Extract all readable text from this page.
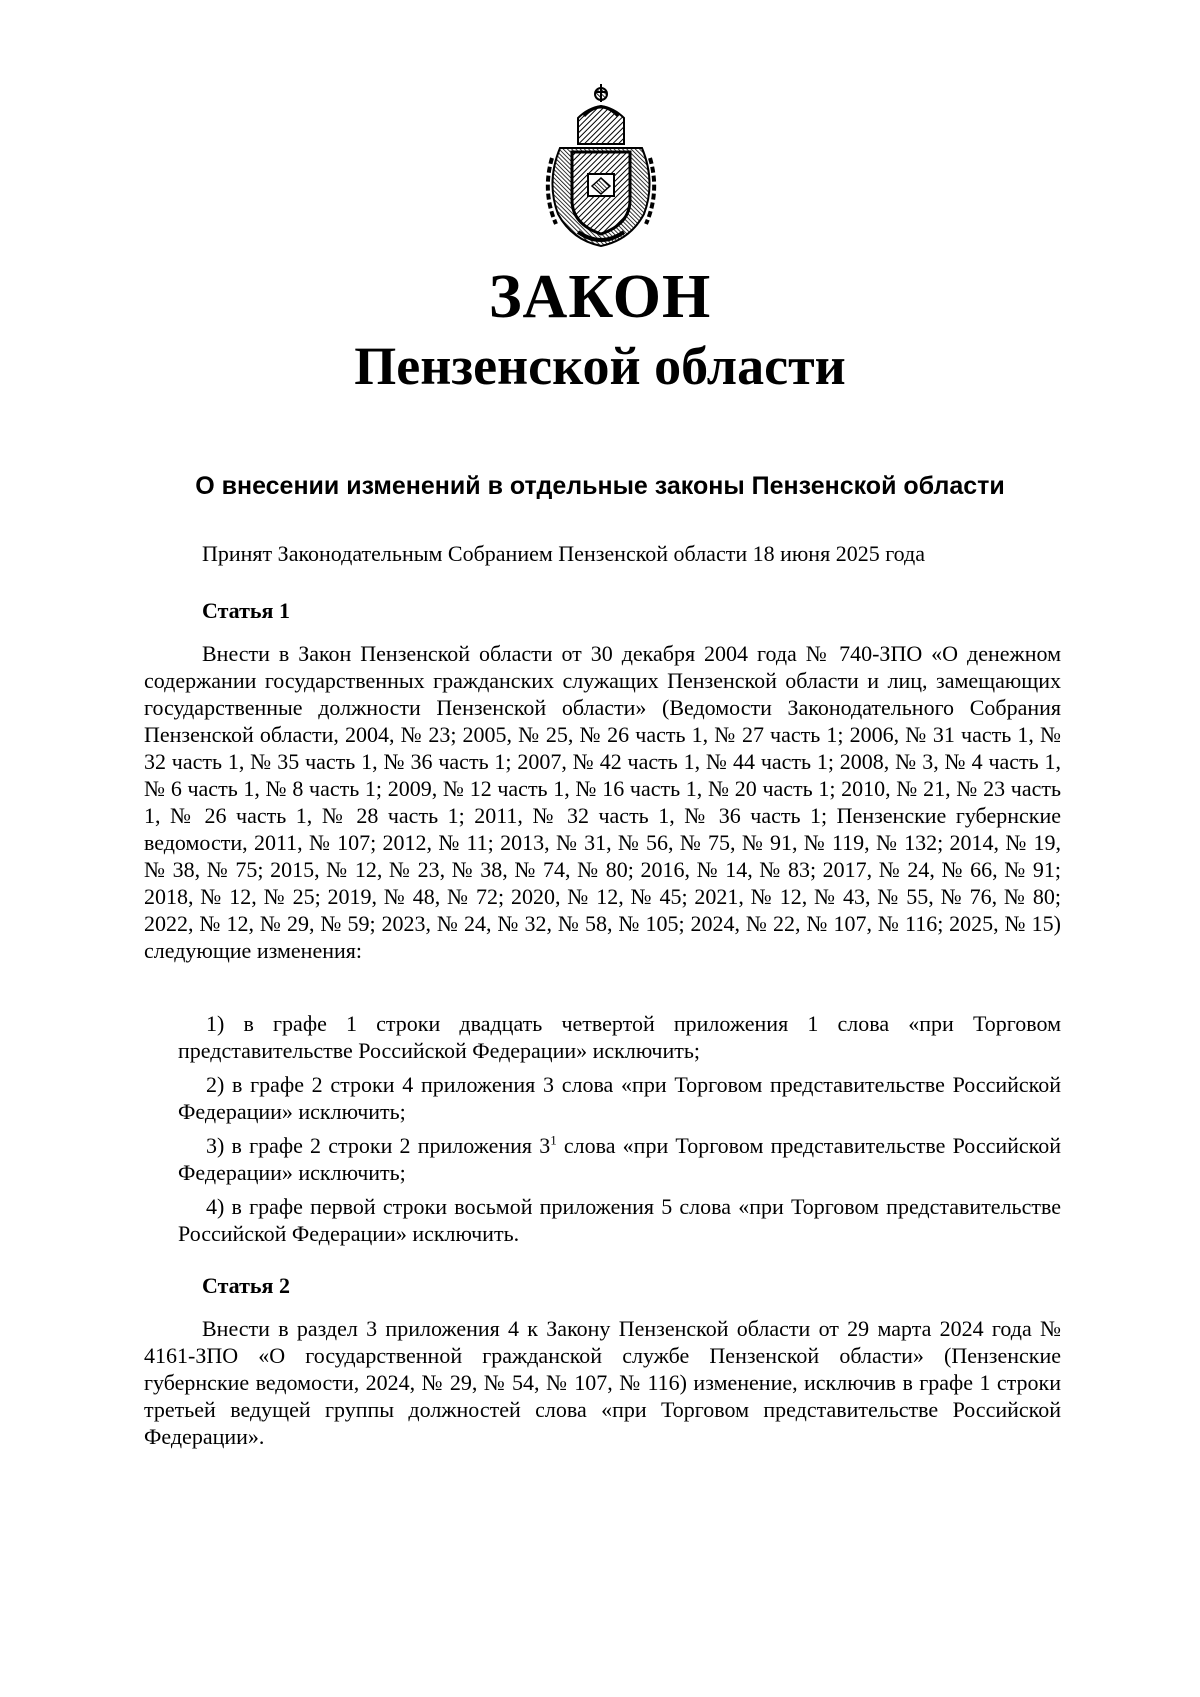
ЗАКОН
Пензенской области
О внесении изменений в отдельные законы Пензенской области
Принят Законодательным Собранием Пензенской области 18 июня 2025 года
Статья 1

Внести в Закон Пензенской области от 30 декабря 2004 года № 740-ЗПО «О денежном содержании государственных гражданских служащих Пензенской области и лиц, замещающих государственные должности Пензенской области» (Ведомости Законодательного Собрания Пензенской области, 2004, № 23; 2005, № 25, № 26 часть 1, № 27 часть 1; 2006, № 31 часть 1, № 32 часть 1, № 35 часть 1, № 36 часть 1; 2007, № 42 часть 1, № 44 часть 1; 2008, № 3, № 4 часть 1, № 6 часть 1, № 8 часть 1; 2009, № 12 часть 1, № 16 часть 1, № 20 часть 1; 2010, № 21, № 23 часть 1, № 26 часть 1, № 28 часть 1; 2011, № 32 часть 1, № 36 часть 1; Пензенские губернские ведомости, 2011, № 107; 2012, № 11; 2013, № 31, № 56, № 75, № 91, № 119, № 132; 2014, № 19, № 38, № 75; 2015, № 12, № 23, № 38, № 74, № 80; 2016, № 14, № 83; 2017, № 24, № 66, № 91; 2018, № 12, № 25; 2019, № 48, № 72; 2020, № 12, № 45; 2021, № 12, № 43, № 55, № 76, № 80; 2022, № 12, № 29, № 59; 2023, № 24, № 32, № 58, № 105; 2024, № 22, № 107, № 116; 2025, № 15) следующие изменения:

1) в графе 1 строки двадцать четвертой приложения 1 слова «при Торговом представительстве Российской Федерации» исключить;

2) в графе 2 строки 4 приложения 3 слова «при Торговом представительстве Российской Федерации» исключить;

3) в графе 2 строки 2 приложения $3^1$ слова «при Торговом представительстве Российской Федерации» исключить;

4) в графе первой строки восьмой приложения 5 слова «при Торговом представительстве Российской Федерации» исключить.

Статья 2

Внести в раздел 3 приложения 4 к Закону Пензенской области от 29 марта 2024 года № 4161-ЗПО «О государственной гражданской службе Пензенской области» (Пензенские губернские ведомости, 2024, № 29, № 54, № 107, № 116) изменение, исключив в графе 1 строки третьей ведущей группы должностей слова «при Торговом представительстве Российской Федерации».
